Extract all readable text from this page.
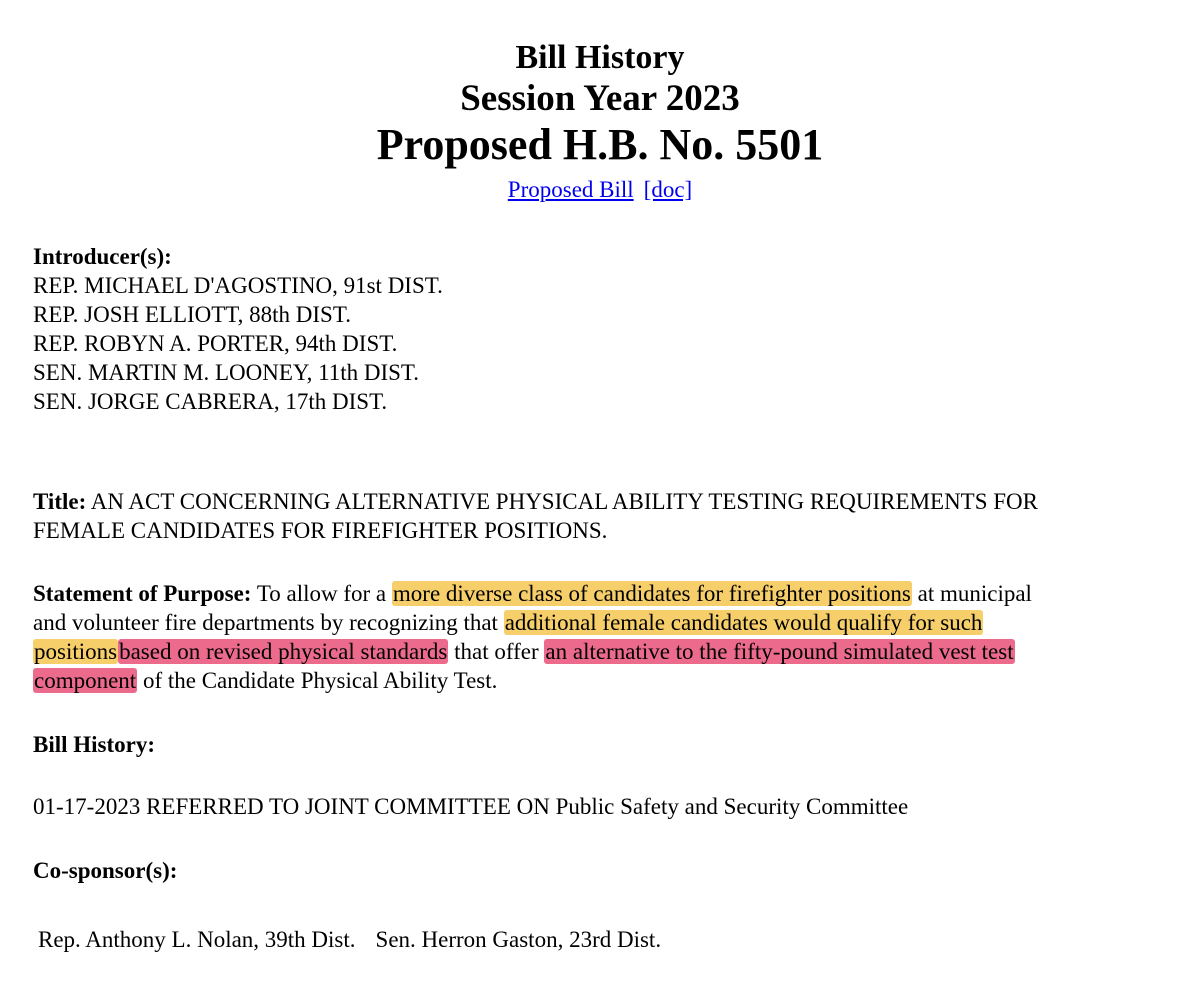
Bill History
Session Year 2023
Proposed H.B. No. 5501
Proposed Bill [doc]
Introducer(s):
REP. MICHAEL D'AGOSTINO, 91st DIST.
REP. JOSH ELLIOTT, 88th DIST.
REP. ROBYN A. PORTER, 94th DIST.
SEN. MARTIN M. LOONEY, 11th DIST.
SEN. JORGE CABRERA, 17th DIST.
Title: AN ACT CONCERNING ALTERNATIVE PHYSICAL ABILITY TESTING REQUIREMENTS FOR
FEMALE CANDIDATES FOR FIREFIGHTER POSITIONS.
Statement of Purpose: To allow for a more diverse class of candidates for firefighter positions at municipal
and volunteer fire departments by recognizing that additional female candidates would qualify for such
positionsbased on revised physical standards that offer an alternative to the fifty-pound simulated vest test
component of the Candidate Physical Ability Test.
Bill History:
01-17-2023 REFERRED TO JOINT COMMITTEE ON Public Safety and Security Committee
Co-sponsor(s):
Rep. Anthony L. Nolan, 39th Dist. Sen. Herron Gaston, 23rd Dist.
